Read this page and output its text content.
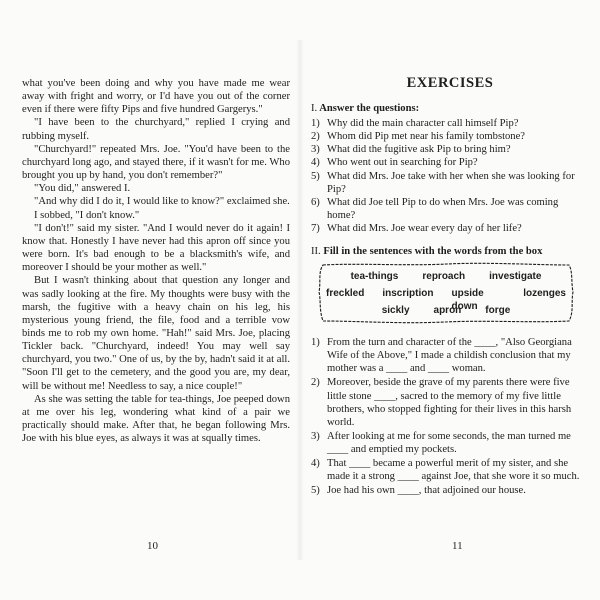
what you've been doing and why you have made me wear away with fright and worry, or I'd have you out of the corner even if there were fifty Pips and five hundred Gargerys."

"I have been to the churchyard," replied I crying and rubbing myself.

"Churchyard!" repeated Mrs. Joe. "You'd have been to the churchyard long ago, and stayed there, if it wasn't for me. Who brought you up by hand, you don't remember?"

"You did," answered I.

"And why did I do it, I would like to know?" exclaimed she.

I sobbed, "I don't know."

"I don't!" said my sister. "And I would never do it again! I know that. Honestly I have never had this apron off since you were born. It's bad enough to be a blacksmith's wife, and moreover I should be your mother as well."

But I wasn't thinking about that question any longer and was sadly looking at the fire. My thoughts were busy with the marsh, the fugitive with a heavy chain on his leg, his mysterious young friend, the file, food and a terrible vow binds me to rob my own home. "Hah!" said Mrs. Joe, placing Tickler back. "Churchyard, indeed! You may well say churchyard, you two." One of us, by the by, hadn't said it at all. "Soon I'll get to the cemetery, and the good you are, my dear, will be without me! Needless to say, a nice couple!"

As she was setting the table for tea-things, Joe peeped down at me over his leg, wondering what kind of a pair we practically should make. After that, he began following Mrs. Joe with his blue eyes, as always it was at squally times.

10
EXERCISES
I. Answer the questions:
1) Why did the main character call himself Pip?
2) Whom did Pip met near his family tombstone?
3) What did the fugitive ask Pip to bring him?
4) Who went out in searching for Pip?
5) What did Mrs. Joe take with her when she was looking for Pip?
6) What did Joe tell Pip to do when Mrs. Joe was coming home?
7) What did Mrs. Joe wear every day of her life?
II. Fill in the sentences with the words from the box
tea-things reproach investigate
freckled inscription upside down
lozenges
sickly apron forge
1) From the turn and character of the ____, "Also Georgiana Wife of the Above," I made a childish conclusion that my mother was a ____ and ____ woman.
2) Moreover, beside the grave of my parents there were five little stone ____, sacred to the memory of my five little brothers, who stopped fighting for their lives in this harsh world.
3) After looking at me for some seconds, the man turned me ____ and emptied my pockets.
4) That ____ became a powerful merit of my sister, and she made it a strong ____ against Joe, that she wore it so much.
5) Joe had his own ____, that adjoined our house.
11
